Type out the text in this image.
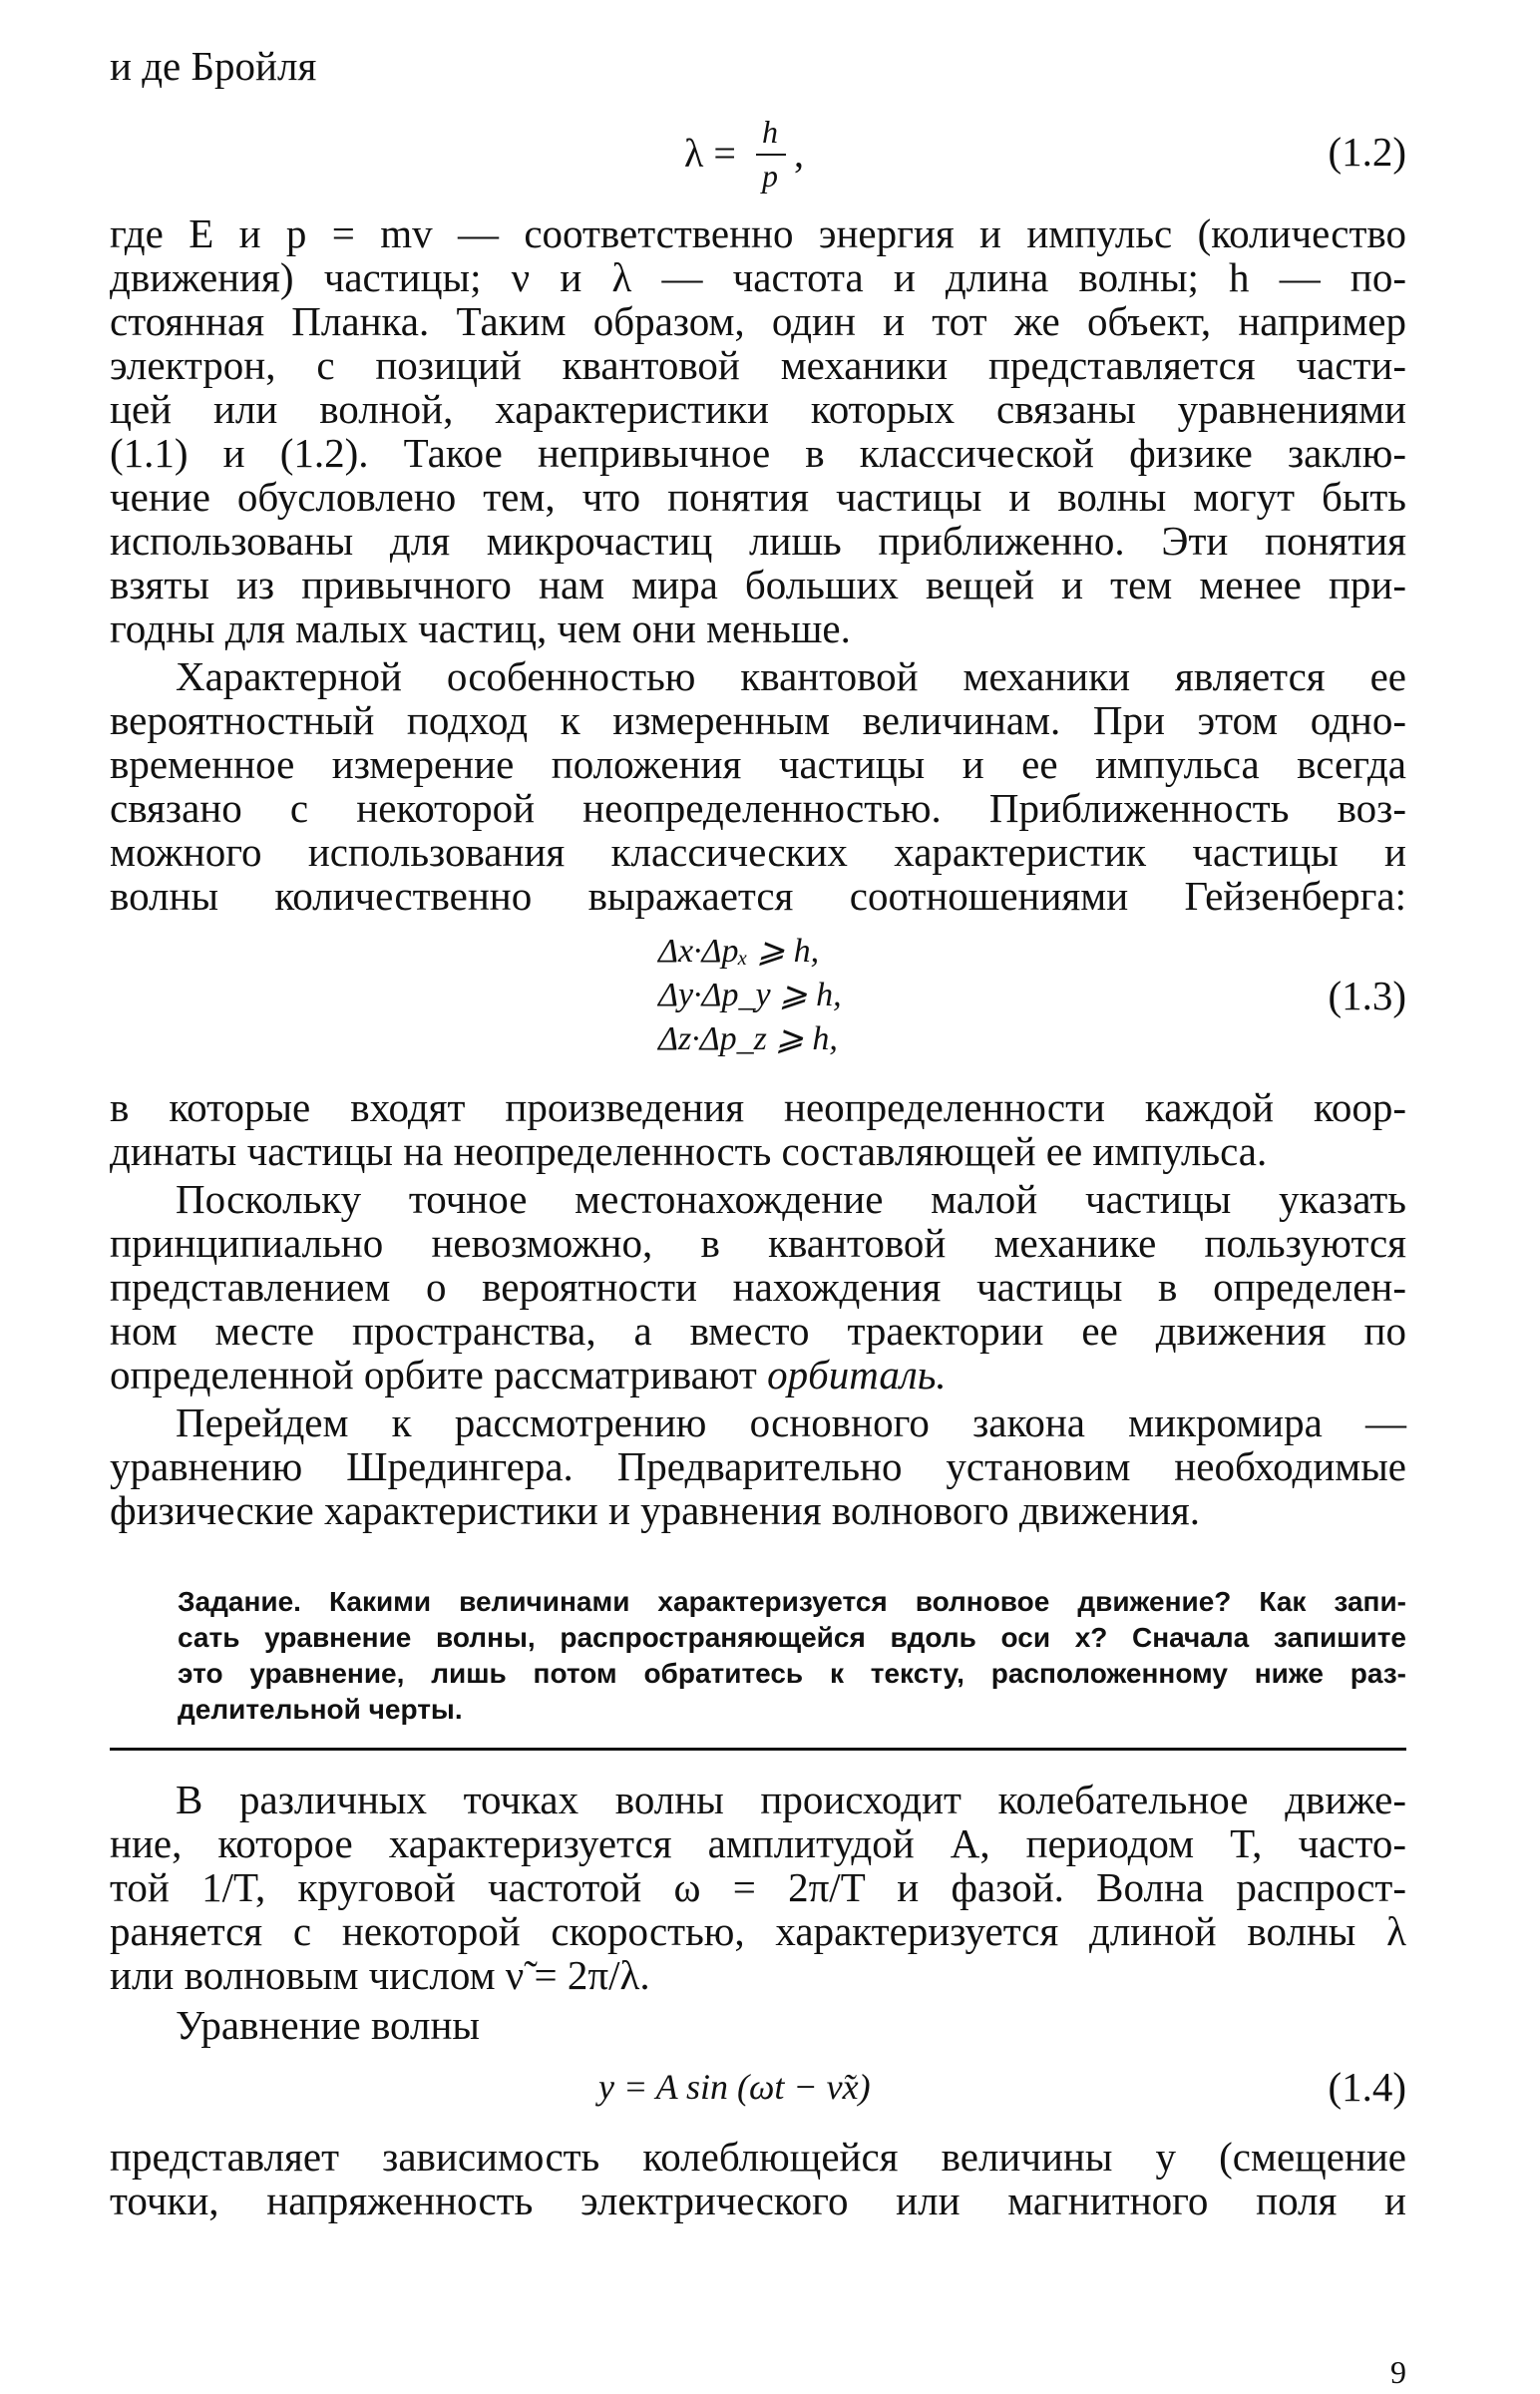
и де Бройля
λ = h
p ,	(1.2)
где E и p = mv — соответственно энергия и импульс (количество
движения) частицы; ν и λ — частота и длина волны; h — по-
стоянная Планка. Таким образом, один и тот же объект, например
электрон, с позиций квантовой механики представляется части-
цей или волной, характеристики которых связаны уравнениями
(1.1) и (1.2). Такое непривычное в классической физике заклю-
чение обусловлено тем, что понятия частицы и волны могут быть
использованы для микрочастиц лишь приближенно. Эти понятия
взяты из привычного нам мира больших вещей и тем менее при-
годны для малых частиц, чем они меньше.
Характерной особенностью квантовой механики является ее
вероятностный подход к измеренным величинам. При этом одно-
временное измерение положения частицы и ее импульса всегда
связано с некоторой неопределенностью. Приближенность воз-
можного использования классических характеристик частицы и
волны количественно выражается соотношениями Гейзенберга:
Δx·Δpₓ ⩾ h,
Δy·Δp_y ⩾ h,
Δz·Δp_z ⩾ h,
(1.3)
в которые входят произведения неопределенности каждой коор-
динаты частицы на неопределенность составляющей ее импульса.
Поскольку точное местонахождение малой частицы указать
принципиально невозможно, в квантовой механике пользуются
представлением о вероятности нахождения частицы в определен-
ном месте пространства, а вместо траектории ее движения по
определенной орбите рассматривают орбиталь.
Перейдем к рассмотрению основного закона микромира —
уравнению Шредингера. Предварительно установим необходимые
физические характеристики и уравнения волнового движения.
Задание. Какими величинами характеризуется волновое движение? Как запи-
сать уравнение волны, распространяющейся вдоль оси x? Сначала запишите
это уравнение, лишь потом обратитесь к тексту, расположенному ниже раз-
делительной черты.
В различных точках волны происходит колебательное движе-
ние, которое характеризуется амплитудой A, периодом T, часто-
той 1/T, круговой частотой ω = 2π/T и фазой. Волна распрост-
раняется с некоторой скоростью, характеризуется длиной волны λ
или волновым числом ν̃ = 2π/λ.
Уравнение волны
y = A sin (ωt − ν̃x)	(1.4)
представляет зависимость колеблющейся величины y (смещение
точки, напряженность электрического или магнитного поля и
9
